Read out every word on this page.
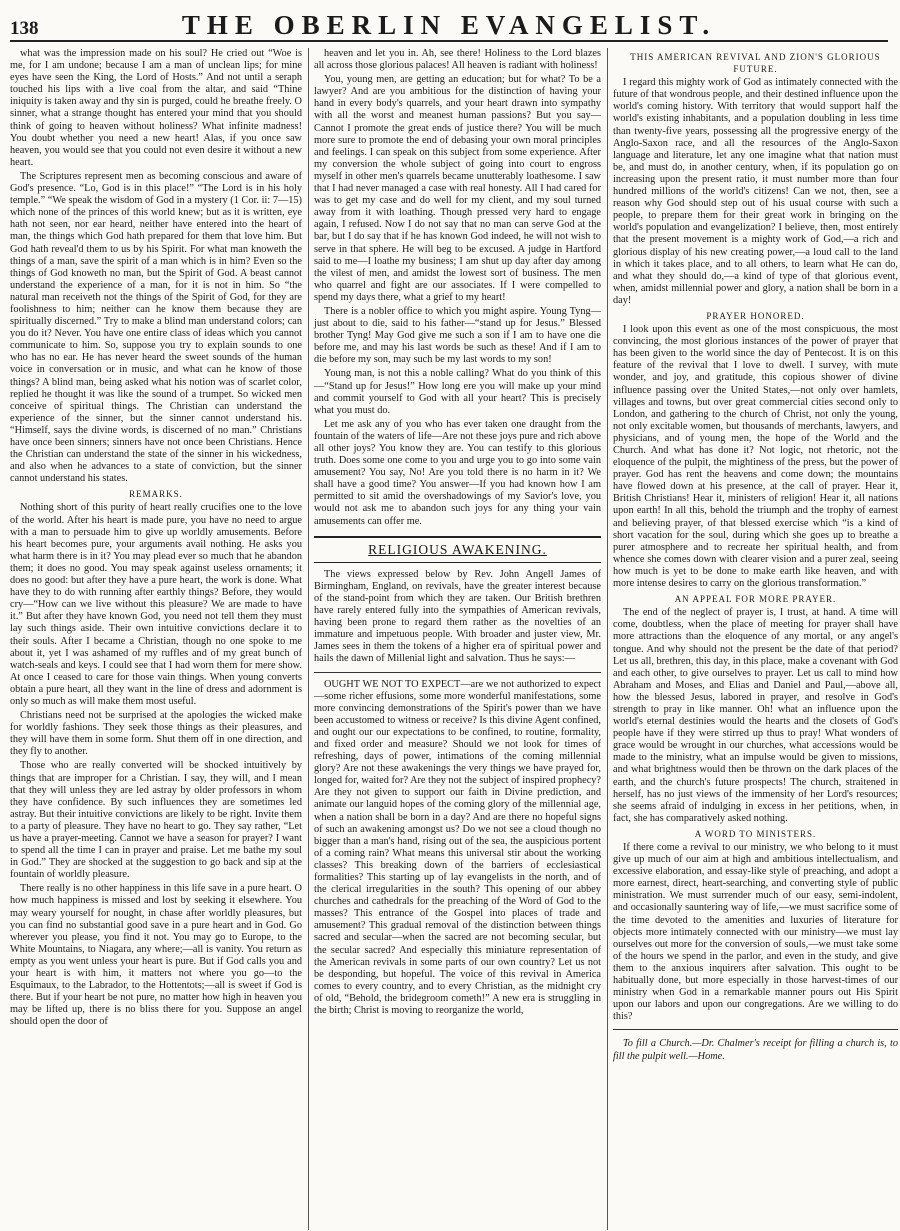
138	THE OBERLIN EVANGELIST.

what was the impression made on his soul? He cried out “Woe is me, for I am undone; because I am a man of unclean lips; for mine eyes have seen the King, the Lord of Hosts.” And not until a seraph touched his lips with a live coal from the altar, and said “Thine iniquity is taken away and thy sin is purged, could he breathe freely. O sinner, what a strange thought has entered your mind that you should think of going to heaven without holiness? What infinite madness! You doubt whether you need a new heart! Alas, if you once saw heaven, you would see that you could not even desire it without a new heart.

The Scriptures represent men as becoming conscious and aware of God's presence. “Lo, God is in this place!” “The Lord is in his holy temple.” “We speak the wisdom of God in a mystery (1 Cor. ii: 7—15) which none of the princes of this world knew; but as it is written, eye hath not seen, nor ear heard, neither have entered into the heart of man, the things which God hath prepared for them that love him. But God hath reveal'd them to us by his Spirit. For what man knoweth the things of a man, save the spirit of a man which is in him? Even so the things of God knoweth no man, but the Spirit of God. A beast cannot understand the experience of a man, for it is not in him. So “the natural man receiveth not the things of the Spirit of God, for they are foolishness to him; neither can he know them because they are spiritually discerned.” Try to make a blind man understand colors; can you do it? Never. You have one entire class of ideas which you cannot communicate to him. So, suppose you try to explain sounds to one who has no ear. He has never heard the sweet sounds of the human voice in conversation or in music, and what can he know of those things? A blind man, being asked what his notion was of scarlet color, replied he thought it was like the sound of a trumpet. So wicked men conceive of spiritual things. The Christian can understand the experience of the sinner, but the sinner cannot understand his. “Himself, says the divine words, is discerned of no man.” Christians have once been sinners; sinners have not once been Christians. Hence the Christian can understand the state of the sinner in his wickedness, and also when he advances to a state of conviction, but the sinner cannot understand his states.

REMARKS.

Nothing short of this purity of heart really crucifies one to the love of the world. After his heart is made pure, you have no need to argue with a man to persuade him to give up worldly amusements. Before his heart becomes pure, your arguments avail nothing. He asks you what harm there is in it? You may plead ever so much that he abandon them; it does no good. You may speak against useless ornaments; it does no good: but after they have a pure heart, the work is done. What have they to do with running after earthly things? Before, they would cry—“How can we live without this pleasure? We are made to have it.” But after they have known God, you need not tell them they must lay such things aside. Their own intuitive convictions declare it to their souls. After I became a Christian, though no one spoke to me about it, yet I was ashamed of my ruffles and of my great bunch of watch-seals and keys. I could see that I had worn them for mere show. At once I ceased to care for those vain things. When young converts obtain a pure heart, all they want in the line of dress and adornment is only so much as will make them most useful.

Christians need not be surprised at the apologies the wicked make for worldly fashions. They seek those things as their pleasures, and they will have them in some form. Shut them off in one direction, and they fly to another.

Those who are really converted will be shocked intuitively by things that are improper for a Christian. I say, they will, and I mean that they will unless they are led astray by older professors in whom they have confidence. By such influences they are sometimes led astray. But their intuitive convictions are likely to be right. Invite them to a party of pleasure. They have no heart to go. They say rather, “Let us have a prayer-meeting. Cannot we have a season for prayer? I want to spend all the time I can in prayer and praise. Let me bathe my soul in God.” They are shocked at the suggestion to go back and sip at the fountain of worldly pleasure.

There really is no other happiness in this life save in a pure heart. O how much happiness is missed and lost by seeking it elsewhere. You may weary yourself for nought, in chase after worldly pleasures, but you can find no substantial good save in a pure heart and in God. Go wherever you please, you find it not. You may go to Europe, to the White Mountains, to Niagara, any where;—all is vanity. You return as empty as you went unless your heart is pure. But if God calls you and your heart is with him, it matters not where you go—to the Esquimaux, to the Labrador, to the Hottentots;—all is sweet if God is there. But if your heart be not pure, no matter how high in heaven you may be lifted up, there is no bliss there for you. Suppose an angel should open the door of

heaven and let you in. Ah, see there! Holiness to the Lord blazes all across those glorious palaces! All heaven is radiant with holiness!

You, young men, are getting an education; but for what? To be a lawyer? And are you ambitious for the distinction of having your hand in every body's quarrels, and your heart drawn into sympathy with all the worst and meanest human passions? But you say—Cannot I promote the great ends of justice there? You will be much more sure to promote the end of debasing your own moral principles and feelings. I can speak on this subject from some experience. After my conversion the whole subject of going into court to engross myself in other men's quarrels became unutterably loathesome. I saw that I had never managed a case with real honesty. All I had cared for was to get my case and do well for my client, and my soul turned away from it with loathing. Though pressed very hard to engage again, I refused. Now I do not say that no man can serve God at the bar, but I do say that if he has known God indeed, he will not wish to serve in that sphere. He will beg to be excused. A judge in Hartford said to me—I loathe my business; I am shut up day after day among the vilest of men, and amidst the lowest sort of business. The men who quarrel and fight are our associates. If I were compelled to spend my days there, what a grief to my heart!

There is a nobler office to which you might aspire. Young Tyng—just about to die, said to his father—“stand up for Jesus.” Blessed brother Tyng! May God give me such a son if I am to have one die before me, and may his last words be such as these! And if I am to die before my son, may such be my last words to my son!

Young man, is not this a noble calling? What do you think of this—“Stand up for Jesus!” How long ere you will make up your mind and commit yourself to God with all your heart? This is precisely what you must do.

Let me ask any of you who has ever taken one draught from the fountain of the waters of life—Are not these joys pure and rich above all other joys? You know they are. You can testify to this glorious truth. Does some one come to you and urge you to go into some vain amusement? You say, No! Are you told there is no harm in it? We shall have a good time? You answer—If you had known how I am permitted to sit amid the overshadowings of my Savior's love, you would not ask me to abandon such joys for any thing your vain amusements can offer me.

RELIGIOUS AWAKENING.

The views expressed below by Rev. John Angell James of Birmingham, England, on revivals, have the greater interest because of the stand-point from which they are taken. Our British brethren have rarely entered fully into the sympathies of American revivals, having been prone to regard them rather as the novelties of an immature and impetuous people. With broader and juster view, Mr. James sees in them the tokens of a higher era of spiritual power and hails the dawn of Millenial light and salvation. Thus he says:—

OUGHT WE NOT TO EXPECT—are we not authorized to expect—some richer effusions, some more wonderful manifestations, some more convincing demonstrations of the Spirit's power than we have been accustomed to witness or receive? Is this divine Agent confined, and ought our our expectations to be confined, to routine, formality, and fixed order and measure? Should we not look for times of refreshing, days of power, intimations of the coming millennial glory? Are not these awakenings the very things we have prayed for, longed for, waited for? Are they not the subject of inspired prophecy? Are they not given to support our faith in Divine prediction, and animate our languid hopes of the coming glory of the millennial age, when a nation shall be born in a day? And are there no hopeful signs of such an awakening amongst us? Do we not see a cloud though no bigger than a man's hand, rising out of the sea, the auspicious portent of a coming rain? What means this universal stir about the working classes? This breaking down of the barriers of ecclesiastical formalities? This starting up of lay evangelists in the north, and of the clerical irregularities in the south? This opening of our abbey churches and cathedrals for the preaching of the Word of God to the masses? This entrance of the Gospel into places of trade and amusement? This gradual removal of the distinction between things sacred and secular—when the sacred are not becoming secular, but the secular sacred? And especially this miniature representation of the American revivals in some parts of our own country? Let us not be desponding, but hopeful. The voice of this revival in America comes to every country, and to every Christian, as the midnight cry of old, “Behold, the bridegroom cometh!” A new era is struggling in the birth; Christ is moving to reorganize the world,

THIS AMERICAN REVIVAL AND ZION'S GLORIOUS FUTURE.

I regard this mighty work of God as intimately connected with the future of that wondrous people, and their destined influence upon the world's coming history. With territory that would support half the world's existing inhabitants, and a population doubling in less time than twenty-five years, possessing all the progressive energy of the Anglo-Saxon race, and all the resources of the Anglo-Saxon language and literature, let any one imagine what that nation must be, and must do, in another century, when, if its population go on increasing upon the present ratio, it must number more than four hundred millions of the world's citizens! Can we not, then, see a reason why God should step out of his usual course with such a people, to prepare them for their great work in bringing on the world's population and evangelization? I believe, then, most entirely that the present movement is a mighty work of God,—a rich and glorious display of his new creating power,—a loud call to the land in which it takes place, and to all others, to learn what He can do, and what they should do,—a kind of type of that glorious event, when, amidst millennial power and glory, a nation shall be born in a day!

PRAYER HONORED.

I look upon this event as one of the most conspicuous, the most convincing, the most glorious instances of the power of prayer that has been given to the world since the day of Pentecost. It is on this feature of the revival that I love to dwell. I survey, with mute wonder, and joy, and gratitude, this copious shower of divine influence passing over the United States,—not only over hamlets, villages and towns, but over great commercial cities second only to London, and gathering to the church of Christ, not only the young, not only excitable women, but thousands of merchants, lawyers, and physicians, and of young men, the hope of the World and the Church. And what has done it? Not logic, not rhetoric, not the eloquence of the pulpit, the mightiness of the press, but the power of prayer. God has rent the heavens and come down; the mountains have flowed down at his presence, at the call of prayer. Hear it, British Christians! Hear it, ministers of religion! Hear it, all nations upon earth! In all this, behold the triumph and the trophy of earnest and believing prayer, of that blessed exercise which “is a kind of short vacation for the soul, during which she goes up to breathe a purer atmosphere and to recreate her spiritual health, and from whence she comes down with clearer vision and a purer zeal, seeing how much is yet to be done to make earth like heaven, and with more intense desires to carry on the glorious transformation.”

AN APPEAL FOR MORE PRAYER.

The end of the neglect of prayer is, I trust, at hand. A time will come, doubtless, when the place of meeting for prayer shall have more attractions than the eloquence of any mortal, or any angel's tongue. And why should not the present be the date of that period? Let us all, brethren, this day, in this place, make a covenant with God and each other, to give ourselves to prayer. Let us call to mind how Abraham and Moses, and Elias and Daniel and Paul,—above all, how the blessed Jesus, labored in prayer, and resolve in God's strength to pray in like manner. Oh! what an influence upon the world's eternal destinies would the hearts and the closets of God's people have if they were stirred up thus to pray! What wonders of grace would be wrought in our churches, what accessions would be made to the ministry, what an impulse would be given to missions, and what brightness would then be thrown on the dark places of the earth, and the church's future prospects! The church, straitened in herself, has no just views of the immensity of her Lord's resources; she seems afraid of indulging in excess in her petitions, when, in fact, she has comparatively asked nothing.

A WORD TO MINISTERS.

If there come a revival to our ministry, we who belong to it must give up much of our aim at high and ambitious intellectualism, and excessive elaboration, and essay-like style of preaching, and adopt a more earnest, direct, heart-searching, and converting style of public ministration. We must surrender much of our easy, semi-indolent, and occasionally sauntering way of life,—we must sacrifice some of the time devoted to the amenities and luxuries of literature for objects more intimately connected with our ministry—we must lay ourselves out more for the conversion of souls,—we must take some of the hours we spend in the parlor, and even in the study, and give them to the anxious inquirers after salvation. This ought to be habitually done, but more especially in those harvest-times of our ministry when God in a remarkable manner pours out His Spirit upon our labors and upon our congregations. Are we willing to do this?

To fill a Church.—Dr. Chalmer's receipt for filling a church is, to fill the pulpit well.—Home.
